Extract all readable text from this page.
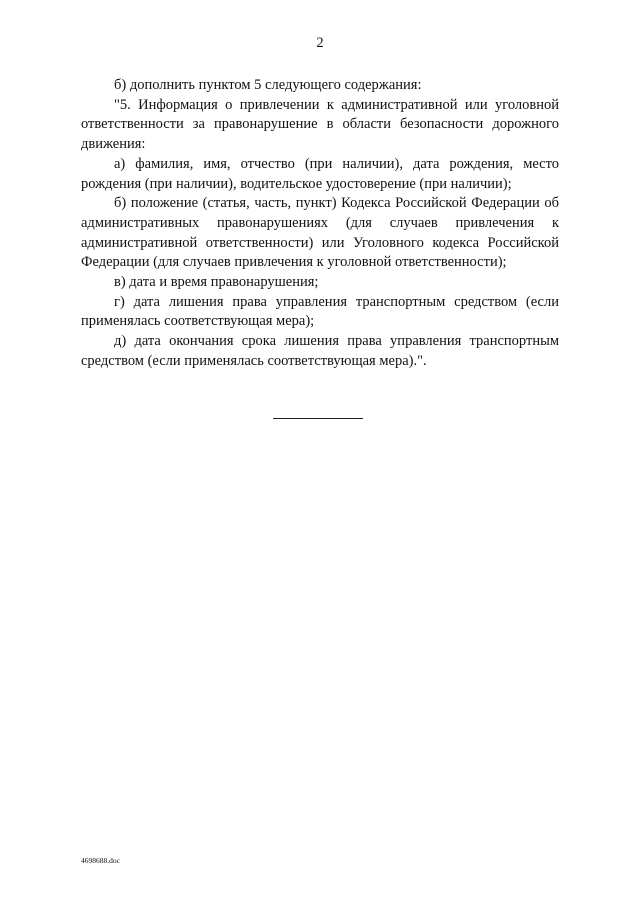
2

б) дополнить пунктом 5 следующего содержания:

"5. Информация о привлечении к административной или уголовной ответственности за правонарушение в области безопасности дорожного движения:

а) фамилия, имя, отчество (при наличии), дата рождения, место рождения (при наличии), водительское удостоверение (при наличии);

б) положение (статья, часть, пункт) Кодекса Российской Федерации об административных правонарушениях (для случаев привлечения к административной ответственности) или Уголовного кодекса Российской Федерации (для случаев привлечения к уголовной ответственности);

в) дата и время правонарушения;

г) дата лишения права управления транспортным средством (если применялась соответствующая мера);

д) дата окончания срока лишения права управления транспортным средством (если применялась соответствующая мера).".

4698688.doc
